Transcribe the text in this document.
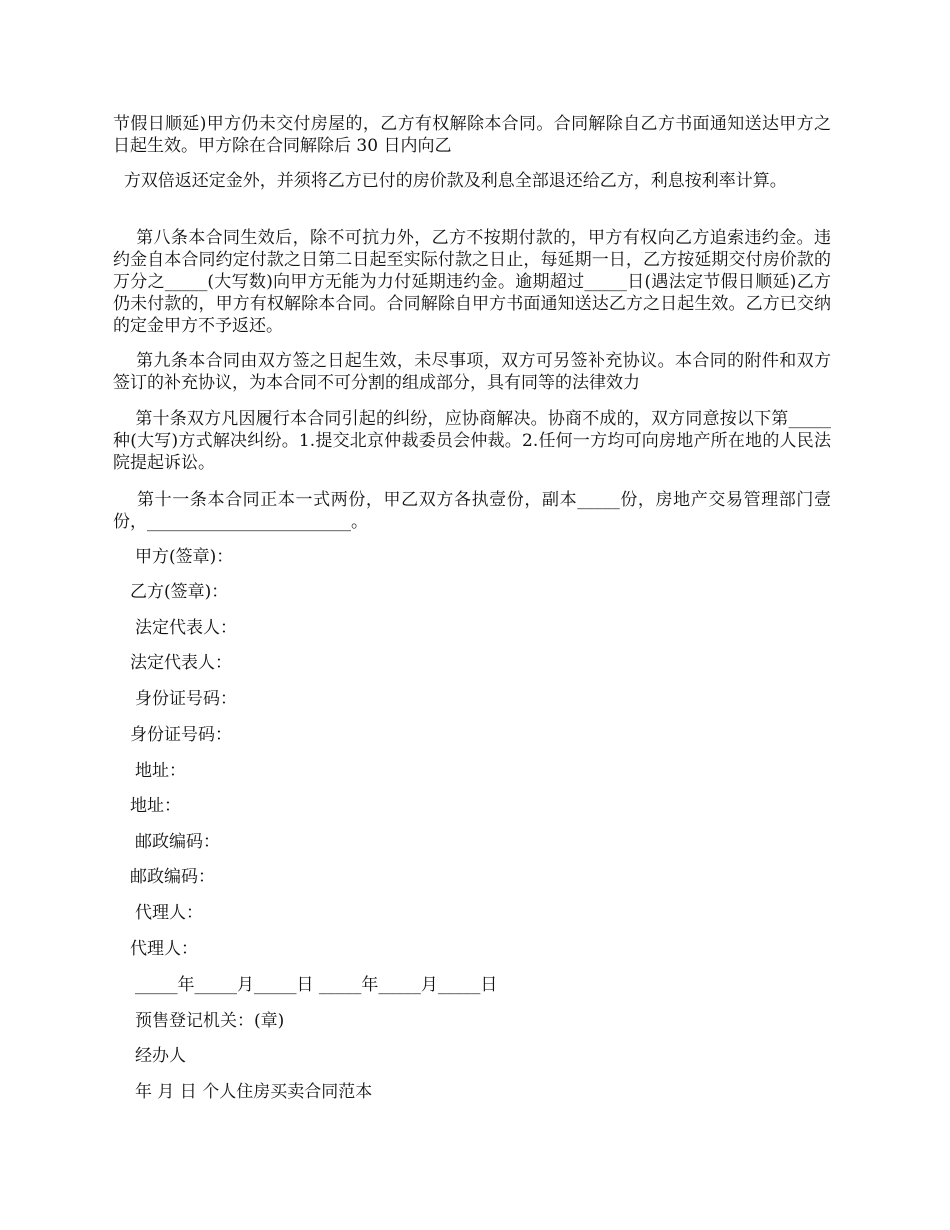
节假日顺延)甲方仍未交付房屋的，乙方有权解除本合同。合同解除自乙方书面通知送达甲方之日起生效。甲方除在合同解除后 30 日内向乙

方双倍返还定金外，并须将乙方已付的房价款及利息全部退还给乙方，利息按利率计算。

第八条本合同生效后，除不可抗力外，乙方不按期付款的，甲方有权向乙方追索违约金。违约金自本合同约定付款之日第二日起至实际付款之日止，每延期一日，乙方按延期交付房价款的万分之_____(大写数)向甲方无能为力付延期违约金。逾期超过_____日(遇法定节假日顺延)乙方仍未付款的，甲方有权解除本合同。合同解除自甲方书面通知送达乙方之日起生效。乙方已交纳的定金甲方不予返还。

第九条本合同由双方签之日起生效，未尽事项，双方可另签补充协议。本合同的附件和双方签订的补充协议，为本合同不可分割的组成部分，具有同等的法律效力

第十条双方凡因履行本合同引起的纠纷，应协商解决。协商不成的，双方同意按以下第_____种(大写)方式解决纠纷。1.提交北京仲裁委员会仲裁。2.任何一方均可向房地产所在地的人民法院提起诉讼。

第十一条本合同正本一式两份，甲乙双方各执壹份，副本_____份，房地产交易管理部门壹份，________________________。

甲方(签章)：
乙方(签章)：
法定代表人：
法定代表人：
身份证号码：
身份证号码：
地址：
地址：
邮政编码：
邮政编码：
代理人：
代理人：
_____年_____月_____日 _____年_____月_____日
预售登记机关：(章)
经办人
年 月 日 个人住房买卖合同范本
